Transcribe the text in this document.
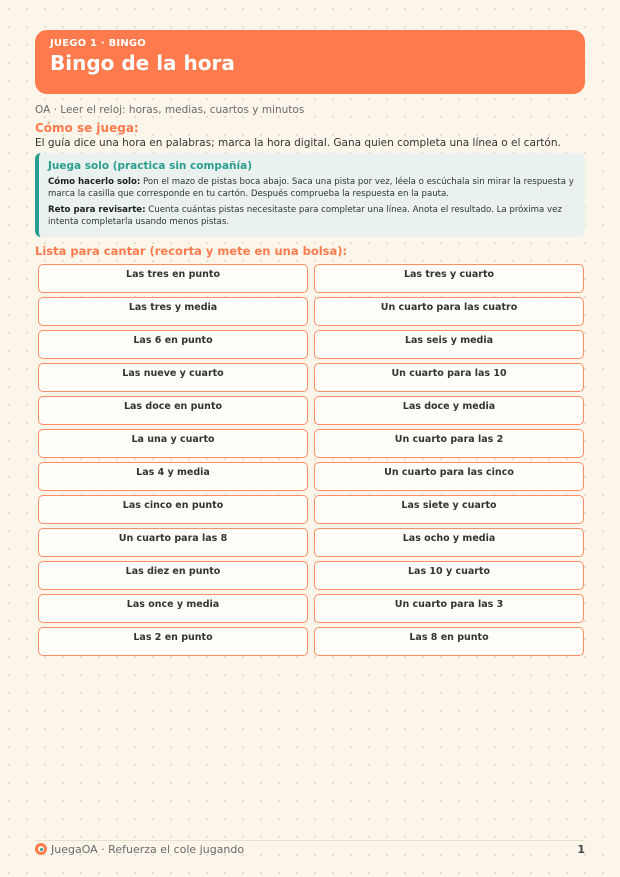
JUEGO 1 · BINGO
Bingo de la hora
OA · Leer el reloj: horas, medias, cuartos y minutos
Cómo se juega:
El guía dice una hora en palabras; marca la hora digital. Gana quien completa una línea o el cartón.
Juega solo (practica sin compañía)

Cómo hacerlo solo: Pon el mazo de pistas boca abajo. Saca una pista por vez, léela o escúchala sin mirar la respuesta y marca la casilla que corresponde en tu cartón. Después comprueba la respuesta en la pauta.

Reto para revisarte: Cuenta cuántas pistas necesitaste para completar una línea. Anota el resultado. La próxima vez intenta completarla usando menos pistas.

Lista para cantar (recorta y mete en una bolsa):
Las tres en punto	Las tres y cuarto
Las tres y media	Un cuarto para las cuatro
Las 6 en punto	Las seis y media
Las nueve y cuarto	Un cuarto para las 10
Las doce en punto	Las doce y media
La una y cuarto	Un cuarto para las 2
Las 4 y media	Un cuarto para las cinco
Las cinco en punto	Las siete y cuarto
Un cuarto para las 8	Las ocho y media
Las diez en punto	Las 10 y cuarto
Las once y media	Un cuarto para las 3
Las 2 en punto	Las 8 en punto
JuegaOA · Refuerza el cole jugando	1
